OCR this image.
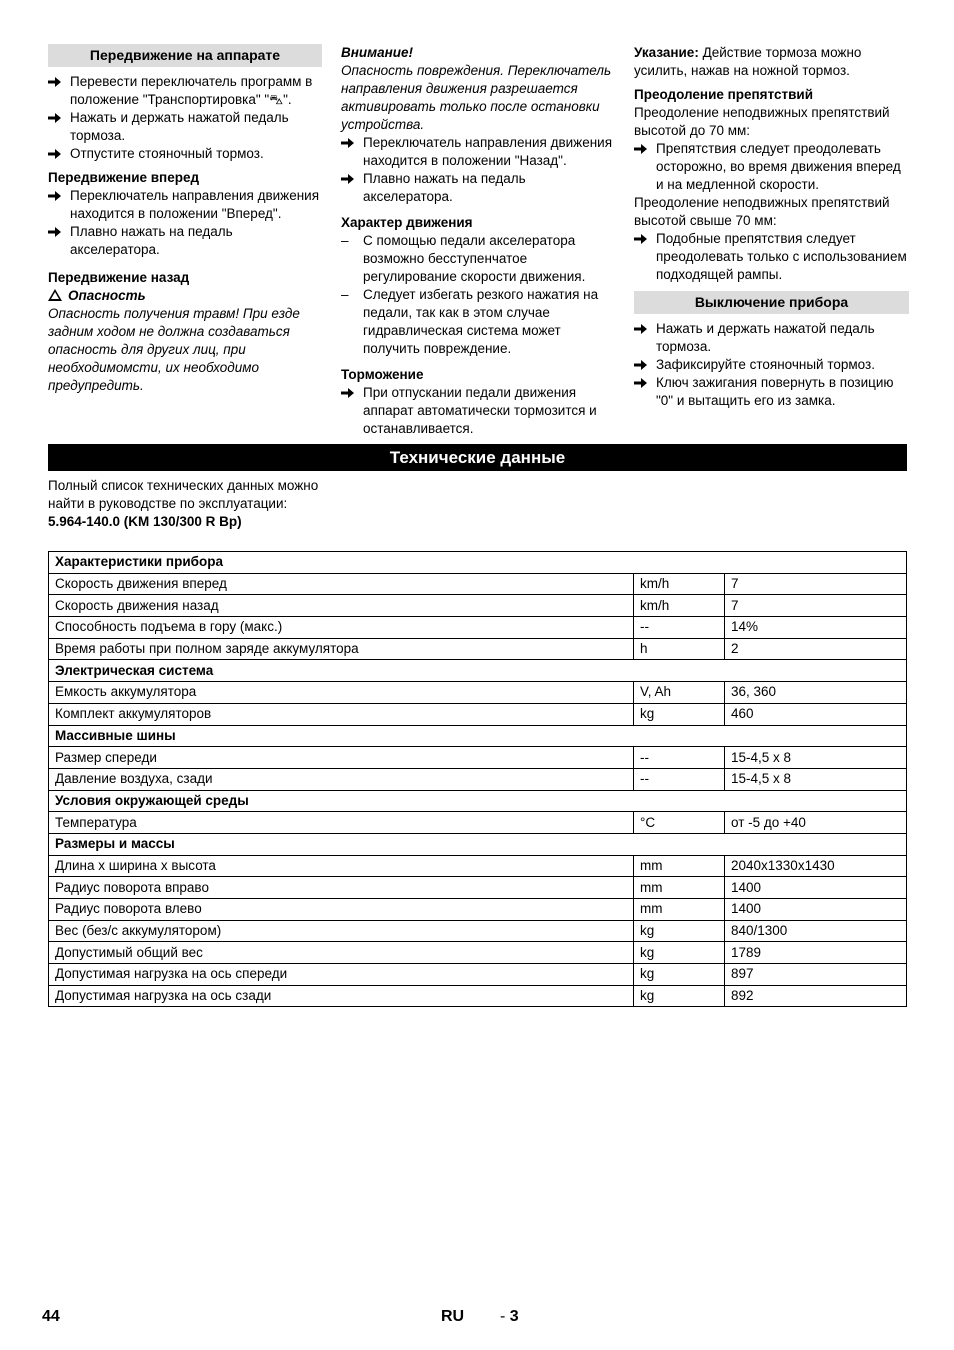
Передвижение на аппарате
Перевести переключатель программ в положение "Транспортировка" "⛍".
Нажать и держать нажатой педаль тормоза.
Отпустите стояночный тормоз.
Передвижение вперед
Переключатель направления движения находится в положении "Вперед".
Плавно нажать на педаль акселератора.
Передвижение назад
Опасность
Опасность получения травм! При езде задним ходом не должна создаваться опасность для других лиц, при необходимомсти, их необходимо предупредить.
Внимание!
Опасность повреждения. Переключатель направления движения разрешается активировать только после остановки устройства.
Переключатель направления движения находится в положении "Назад".
Плавно нажать на педаль акселератора.
Характер движения
–	С помощью педали акселератора возможно бесступенчатое регулирование скорости движения.
–	Следует избегать резкого нажатия на педали, так как в этом случае гидравлическая система может получить повреждение.
Торможение
При отпускании педали движения аппарат автоматически тормозится и останавливается.
Указание: Действие тормоза можно усилить, нажав на ножной тормоз.
Преодоление препятствий
Преодоление неподвижных препятствий высотой до 70 мм:
Препятствия следует преодолевать осторожно, во время движения вперед и на медленной скорости.
Преодоление неподвижных препятствий высотой свыше 70 мм:
Подобные препятствия следует преодолевать только с использованием подходящей рампы.
Выключение прибора
Нажать и держать нажатой педаль тормоза.
Зафиксируйте стояночный тормоз.
Ключ зажигания повернуть в позицию "0" и вытащить его из замка.
Технические данные
Полный список технических данных можно найти в руководстве по эксплуатации:
5.964-140.0 (KM 130/300 R Bp)
Характеристики прибора		
Скорость движения вперед	km/h	7
Скорость движения назад	km/h	7
Способность подъема в гору (макс.)	--	14%
Время работы при полном заряде аккумулятора	h	2
Электрическая система		
Емкость аккумулятора	V, Ah	36, 360
Комплект аккумуляторов	kg	460
Массивные шины		
Размер спереди	--	15-4,5 x 8
Давление воздуха, сзади	--	15-4,5 x 8
Условия окружающей среды		
Температура	°C	от -5 до +40
Размеры и массы		
Длина x ширина x высота	mm	2040x1330x1430
Радиус поворота вправо	mm	1400
Радиус поворота влево	mm	1400
Вес (без/с аккумулятором)	kg	840/1300
Допустимый общий вес	kg	1789
Допустимая нагрузка на ось спереди	kg	897
Допустимая нагрузка на ось сзади	kg	892
44	RU - 3
